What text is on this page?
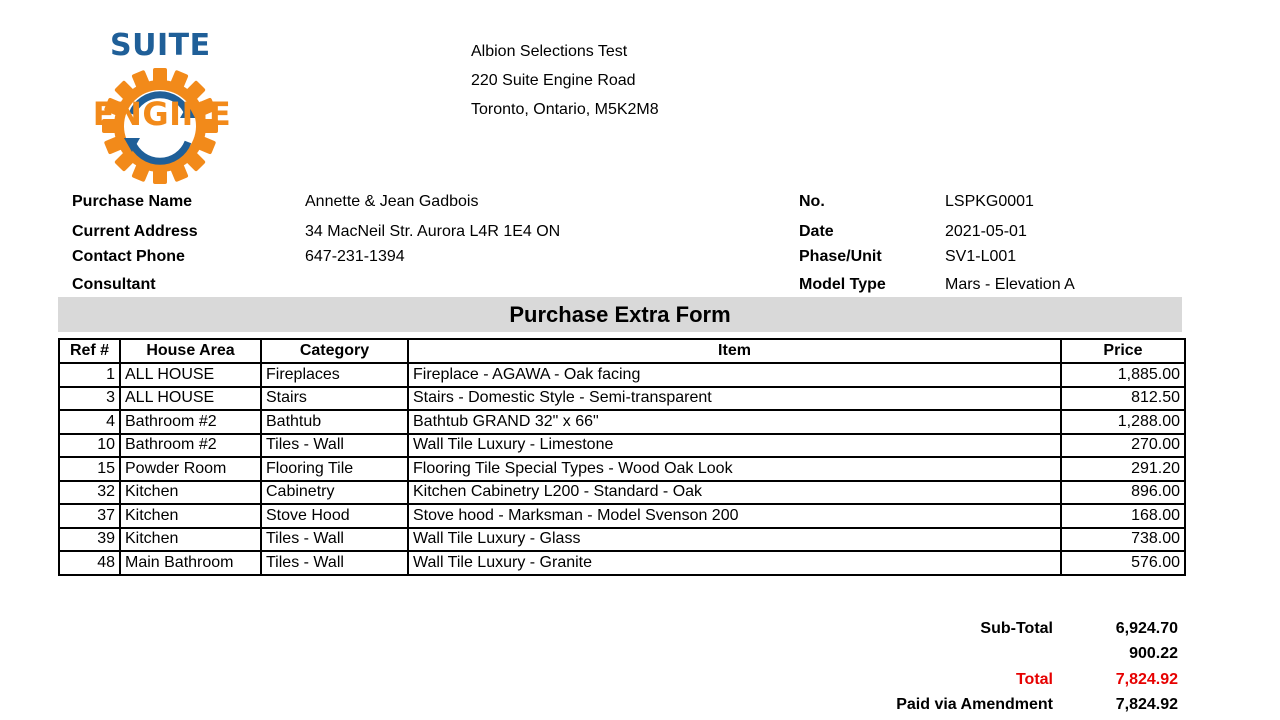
SUITE
ENGINE
Albion Selections Test
220 Suite Engine Road
Toronto, Ontario, M5K2M8
Purchase Name	Annette & Jean Gadbois
Current Address	34 MacNeil Str. Aurora L4R 1E4 ON
Contact Phone	647-231-1394
Consultant
No.	LSPKG0001
Date	2021-05-01
Phase/Unit	SV1-L001
Model Type	Mars - Elevation A
Purchase Extra Form
Ref #	House Area	Category	Item	Price
1	ALL HOUSE	Fireplaces	Fireplace - AGAWA - Oak facing	1,885.00
3	ALL HOUSE	Stairs	Stairs - Domestic Style - Semi-transparent	812.50
4	Bathroom #2	Bathtub	Bathtub GRAND 32" x 66"	1,288.00
10	Bathroom #2	Tiles - Wall	Wall Tile Luxury - Limestone	270.00
15	Powder Room	Flooring Tile	Flooring Tile Special Types - Wood Oak Look	291.20
32	Kitchen	Cabinetry	Kitchen Cabinetry L200 - Standard - Oak	896.00
37	Kitchen	Stove Hood	Stove hood - Marksman - Model Svenson 200	168.00
39	Kitchen	Tiles - Wall	Wall Tile Luxury - Glass	738.00
48	Main Bathroom	Tiles - Wall	Wall Tile Luxury - Granite	576.00
Sub-Total	6,924.70
900.22
Total	7,824.92
Paid via Amendment	7,824.92
